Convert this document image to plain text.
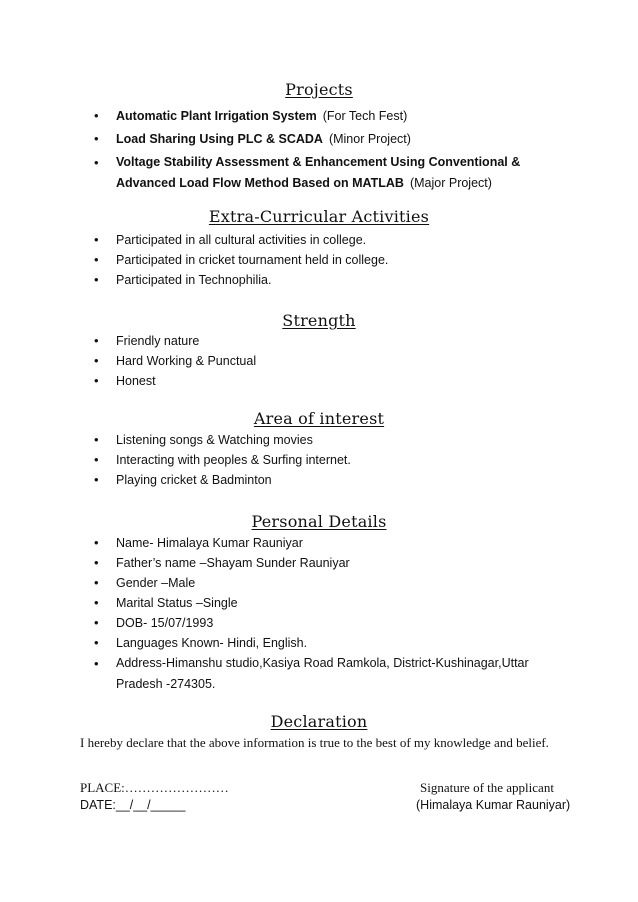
Projects
• Automatic Plant Irrigation System (For Tech Fest)
• Load Sharing Using PLC & SCADA (Minor Project)
• Voltage Stability Assessment & Enhancement Using Conventional &
Advanced Load Flow Method Based on MATLAB (Major Project)
Extra-Curricular Activities
• Participated in all cultural activities in college.
• Participated in cricket tournament held in college.
• Participated in Technophilia.
Strength
• Friendly nature
• Hard Working & Punctual
• Honest
Area of interest
• Listening songs & Watching movies
• Interacting with peoples & Surfing internet.
• Playing cricket & Badminton
Personal Details
• Name- Himalaya Kumar Rauniyar
• Father’s name –Shayam Sunder Rauniyar
• Gender –Male
• Marital Status –Single
• DOB- 15/07/1993
• Languages Known- Hindi, English.
• Address-Himanshu studio,Kasiya Road Ramkola, District-Kushinagar,Uttar
Pradesh -274305.
Declaration

I hereby declare that the above information is true to the best of my knowledge and belief.

PLACE:……………………

DATE:__/__/_____

Signature of the applicant

(Himalaya Kumar Rauniyar)
